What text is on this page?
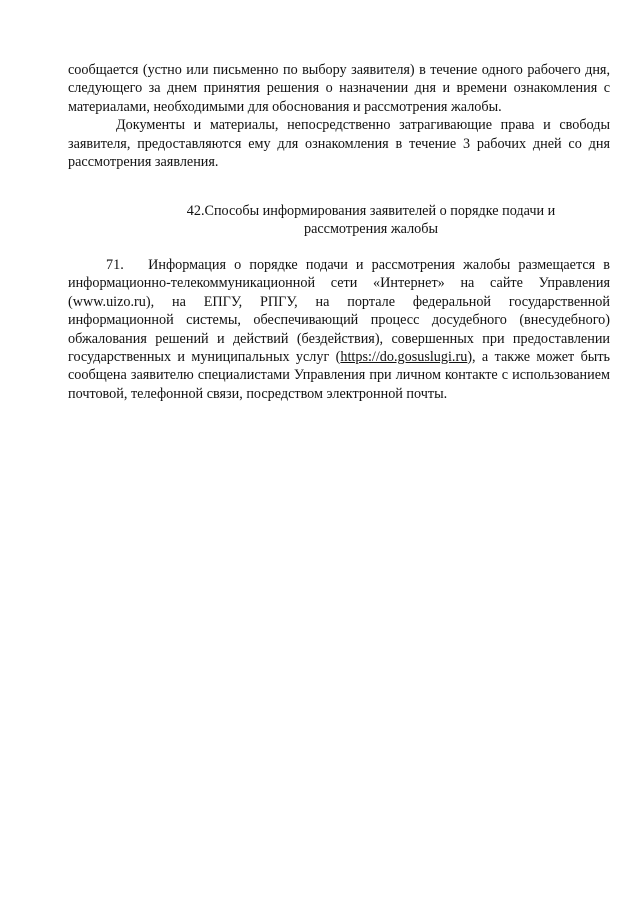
сообщается (устно или письменно по выбору заявителя) в течение одного рабочего дня, следующего за днем принятия решения о назначении дня и времени ознакомления с материалами, необходимыми для обоснования и рассмотрения жалобы.

Документы и материалы, непосредственно затрагивающие права и свободы заявителя, предоставляются ему для ознакомления в течение 3 рабочих дней со дня рассмотрения заявления.

42.Способы информирования заявителей о порядке подачи и
рассмотрения жалобы

71. Информация о порядке подачи и рассмотрения жалобы размещается в информационно-телекоммуникационной сети «Интернет» на сайте Управления (www.uizo.ru), на ЕПГУ, РПГУ, на портале федеральной государственной информационной системы, обеспечивающий процесс досудебного (внесудебного) обжалования решений и действий (бездействия), совершенных при предоставлении государственных и муниципальных услуг (https://do.gosuslugi.ru), а также может быть сообщена заявителю специалистами Управления при личном контакте с использованием почтовой, телефонной связи, посредством электронной почты.
